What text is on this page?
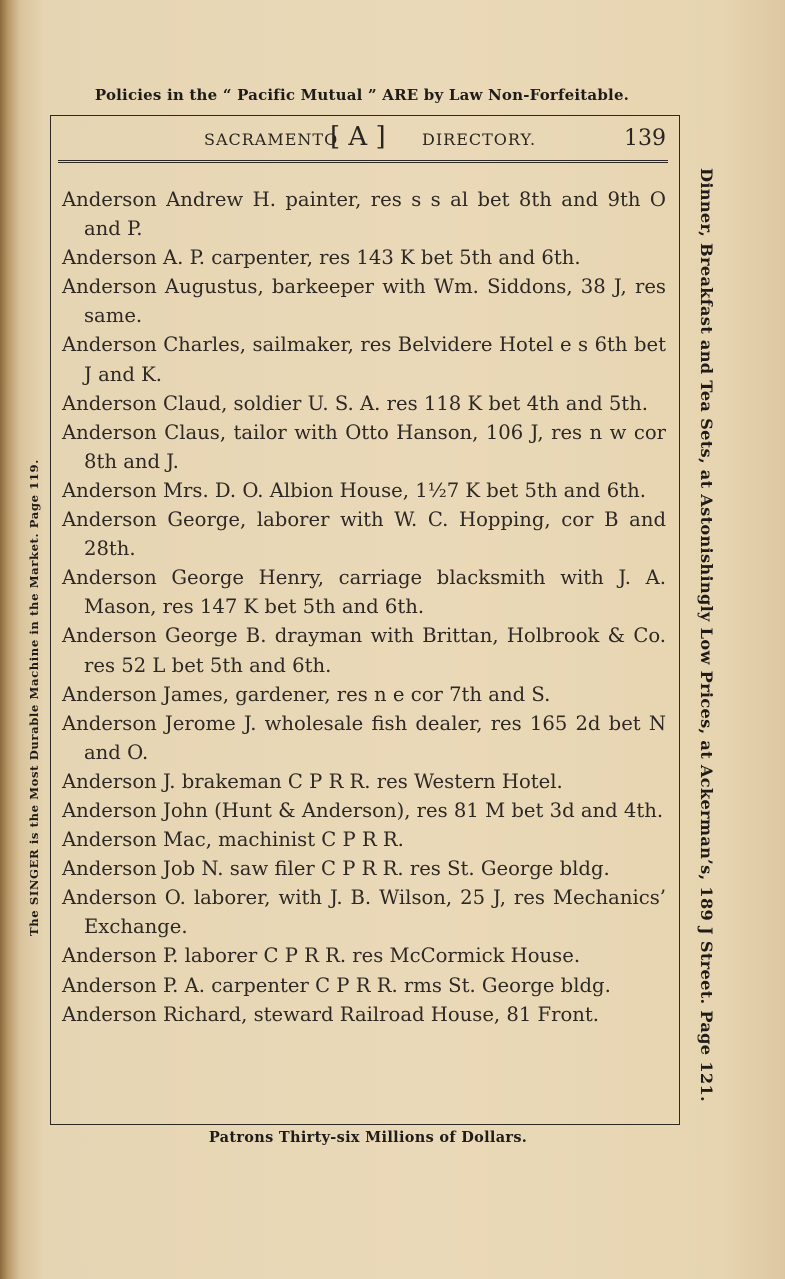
Policies in the “ Pacific Mutual ” ARE by Law Non-Forfeitable.
SACRAMENTO
[ A ] DIRECTORY.	139

Anderson Andrew H. painter, res s s al bet 8th and 9th O and P.

Anderson A. P. carpenter, res 143 K bet 5th and 6th.

Anderson Augustus, barkeeper with Wm. Siddons, 38 J, res same.

Anderson Charles, sailmaker, res Belvidere Hotel e s 6th bet J and K.

Anderson Claud, soldier U. S. A. res 118 K bet 4th and 5th.

Anderson Claus, tailor with Otto Hanson, 106 J, res n w cor 8th and J.

Anderson Mrs. D. O. Albion House, 1½7 K bet 5th and 6th.

Anderson George, laborer with W. C. Hopping, cor B and 28th.

Anderson George Henry, carriage blacksmith with J. A. Mason, res 147 K bet 5th and 6th.

Anderson George B. drayman with Brittan, Holbrook & Co. res 52 L bet 5th and 6th.

Anderson James, gardener, res n e cor 7th and S.

Anderson Jerome J. wholesale fish dealer, res 165 2d bet N and O.

Anderson J. brakeman C P R R. res Western Hotel.

Anderson John (Hunt & Anderson), res 81 M bet 3d and 4th.

Anderson Mac, machinist C P R R.

Anderson Job N. saw filer C P R R. res St. George bldg.

Anderson O. laborer, with J. B. Wilson, 25 J, res Mechanics’ Exchange.

Anderson P. laborer C P R R. res McCormick House.

Anderson P. A. carpenter C P R R. rms St. George bldg.

Anderson Richard, steward Railroad House, 81 Front.	Dinner, Breakfast and Tea Sets, at Astonishingly Low Prices, at Ackerman’s, 189 J Street. Page 121.
The SINGER is the Most Durable Machine in the Market. Page 119.
Patrons Thirty-six Millions of Dollars.
